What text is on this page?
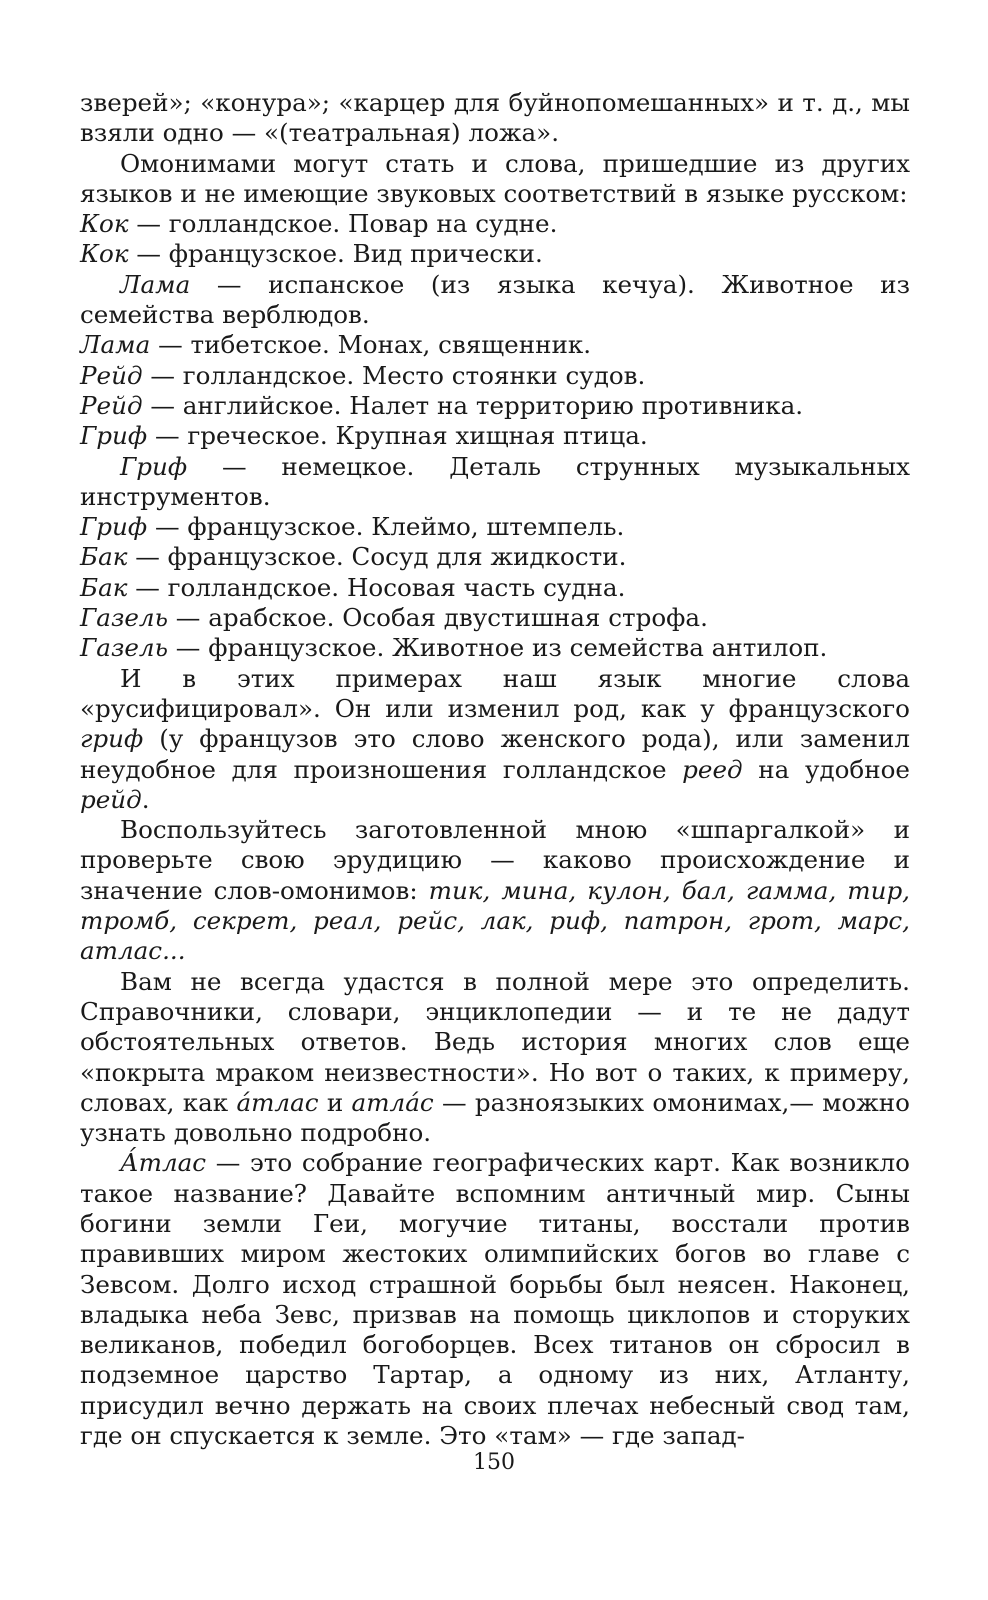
зверей»; «конура»; «карцер для буйнопомешанных» и т. д., мы взяли одно — «(театральная) ложа».

Омонимами могут стать и слова, пришедшие из других языков и не имеющие звуковых соответствий в языке русском:

Кок — голландское. Повар на судне.

Кок — французское. Вид прически.

Лама — испанское (из языка кечуа). Животное из семейства верблюдов.

Лама — тибетское. Монах, священник.

Рейд — голландское. Место стоянки судов.

Рейд — английское. Налет на территорию противника.

Гриф — греческое. Крупная хищная птица.

Гриф — немецкое. Деталь струнных музыкальных инструментов.

Гриф — французское. Клеймо, штемпель.

Бак — французское. Сосуд для жидкости.

Бак — голландское. Носовая часть судна.

Газель — арабское. Особая двустишная строфа.

Газель — французское. Животное из семейства антилоп.

И в этих примерах наш язык многие слова «русифицировал». Он или изменил род, как у французского гриф (у французов это слово женского рода), или заменил неудобное для произношения голландское реед на удобное рейд.

Воспользуйтесь заготовленной мною «шпаргалкой» и проверьте свою эрудицию — каково происхождение и значение слов-омонимов: тик, мина, кулон, бал, гамма, тир, тромб, секрет, реал, рейс, лак, риф, патрон, грот, марс, атлас...

Вам не всегда удастся в полной мере это определить. Справочники, словари, энциклопедии — и те не дадут обстоятельных ответов. Ведь история многих слов еще «покрыта мраком неизвестности». Но вот о таких, к примеру, словах, как а́тлас и атла́с — разноязыких омонимах,— можно узнать довольно подробно.

А́тлас — это собрание географических карт. Как возникло такое название? Давайте вспомним античный мир. Сыны богини земли Геи, могучие титаны, восстали против правивших миром жестоких олимпийских богов во главе с Зевсом. Долго исход страшной борьбы был неясен. Наконец, владыка неба Зевс, призвав на помощь циклопов и сторуких великанов, победил богоборцев. Всех титанов он сбросил в подземное царство Тартар, а одному из них, Атланту, присудил вечно держать на своих плечах небесный свод там, где он спускается к земле. Это «там» — где запад-

150
